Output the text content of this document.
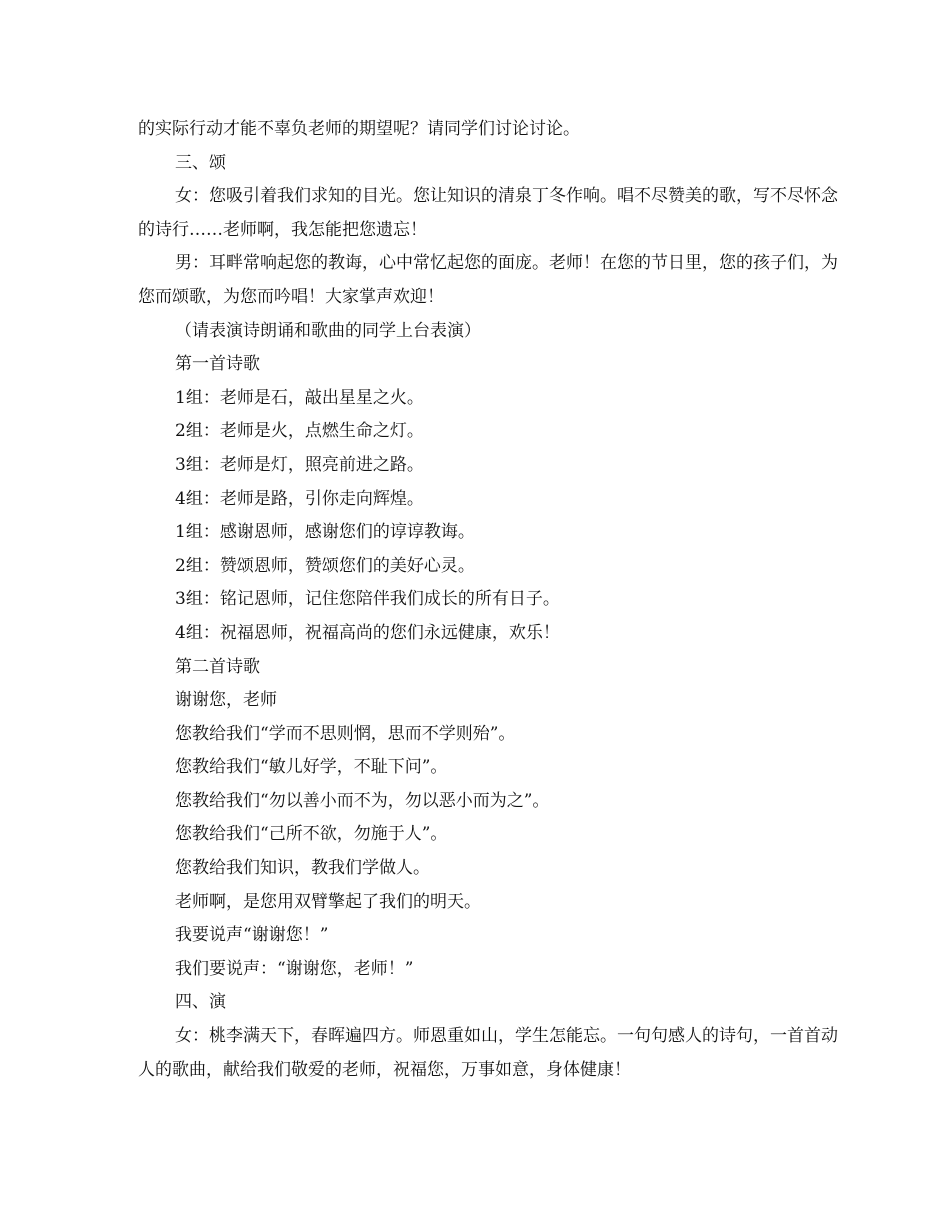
的实际行动才能不辜负老师的期望呢？请同学们讨论讨论。

三、颂

女：您吸引着我们求知的目光。您让知识的清泉丁冬作响。唱不尽赞美的歌，写不尽怀念的诗行……老师啊，我怎能把您遗忘！

男：耳畔常响起您的教诲，心中常忆起您的面庞。老师！在您的节日里，您的孩子们，为您而颂歌，为您而吟唱！大家掌声欢迎！

（请表演诗朗诵和歌曲的同学上台表演）

第一首诗歌

1组：老师是石，敲出星星之火。

2组：老师是火，点燃生命之灯。

3组：老师是灯，照亮前进之路。

4组：老师是路，引你走向辉煌。

1组：感谢恩师，感谢您们的谆谆教诲。

2组：赞颂恩师，赞颂您们的美好心灵。

3组：铭记恩师，记住您陪伴我们成长的所有日子。

4组：祝福恩师，祝福高尚的您们永远健康，欢乐！

第二首诗歌

谢谢您，老师

您教给我们“学而不思则惘，思而不学则殆”。

您教给我们“敏儿好学，不耻下问”。

您教给我们“勿以善小而不为，勿以恶小而为之”。

您教给我们“己所不欲，勿施于人”。

您教给我们知识，教我们学做人。

老师啊，是您用双臂擎起了我们的明天。

我要说声“谢谢您！”

我们要说声：“谢谢您，老师！”

四、演

女：桃李满天下，春晖遍四方。师恩重如山，学生怎能忘。一句句感人的诗句，一首首动人的歌曲，献给我们敬爱的老师，祝福您，万事如意，身体健康！
